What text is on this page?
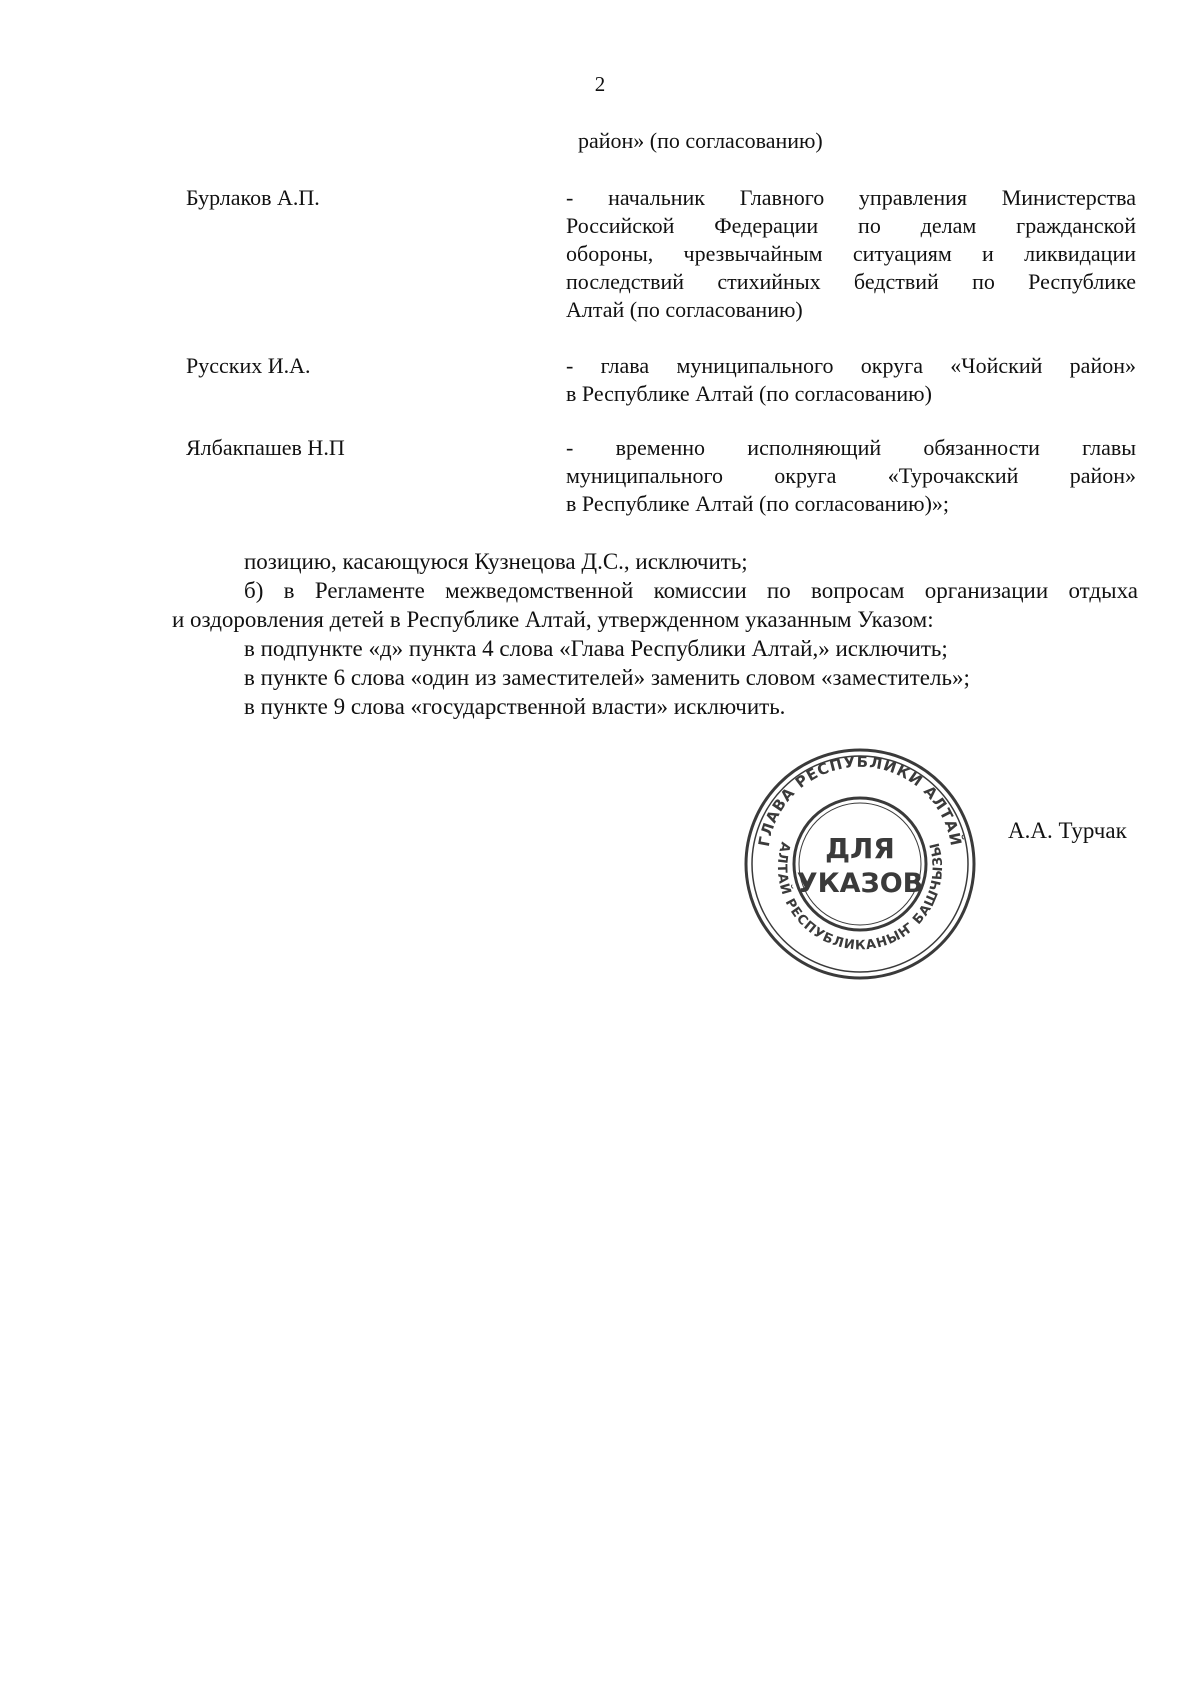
2
район» (по согласованию)
Бурлаков А.П.	- начальник Главного управления Министерства
Российской Федерации по делам гражданской
обороны, чрезвычайным ситуациям и ликвидации
последствий стихийных бедствий по Республике
Алтай (по согласованию)
Русских И.А.	- глава муниципального округа «Чойский район»
в Республике Алтай (по согласованию)
Ялбакпашев Н.П	- временно исполняющий обязанности главы
муниципального округа «Турочакский район»
в Республике Алтай (по согласованию)»;
позицию, касающуюся Кузнецова Д.С., исключить;
б) в Регламенте межведомственной комиссии по вопросам организации отдыха
и оздоровления детей в Республике Алтай, утвержденном указанным Указом:
в подпункте «д» пункта 4 слова «Глава Республики Алтай,» исключить;
в пункте 6 слова «один из заместителей» заменить словом «заместитель»;
в пункте 9 слова «государственной власти» исключить.
ГЛАВА РЕСПУБЛИКИ АЛТАЙ
АЛТАЙ РЕСПУБЛИКАНЫҤ БАШЧЫЗЫ
ДЛЯ
УКАЗОВ
А.А. Турчак
